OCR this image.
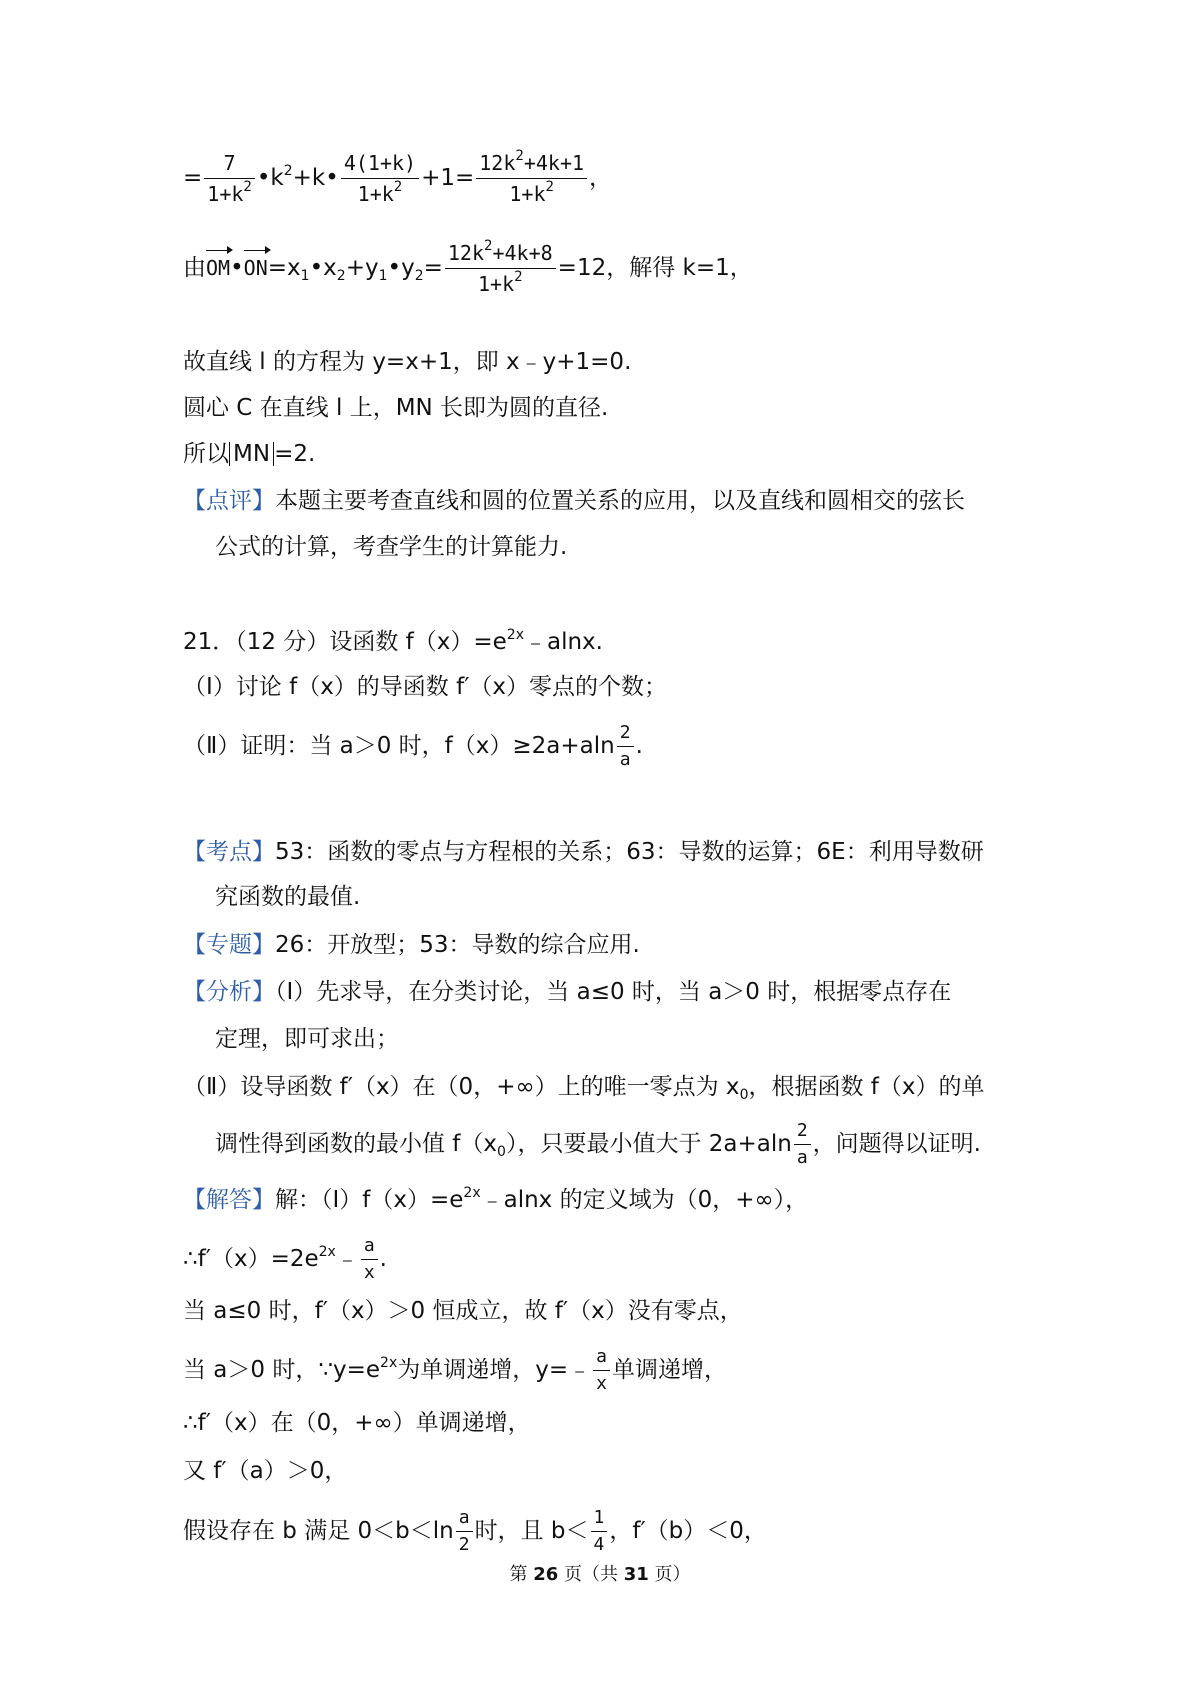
= $\frac{7}{1+k^2}$ $•k^2+k• \frac{4(1+k)}{1+k^2} +1= \frac{12k^2+4k+1}{1+k^2}$ ，
由$OM•ON=x_1•x_2+y_1•y_2= \frac{12k^2+4k+8}{1+k^2} =12$，解得 k=1，
故直线 l 的方程为 y=x+1，即 x﹣y+1=0.
圆心 C 在直线 l 上，MN 长即为圆的直径.
所以 MN =2.
【点评】本题主要考查直线和圆的位置关系的应用，以及直线和圆相交的弦长
公式的计算，考查学生的计算能力.
21．（12 分）设函数 $f(x)=e^{2x}﹣alnx$.
（Ⅰ）讨论 f（x）的导函数 f′（x）零点的个数；
（Ⅱ）证明：当 a＞0 时，$f(x)\ge 2a+aln \frac{2}{a}$ .
【考点】53：函数的零点与方程根的关系；63：导数的运算；6E：利用导数研
究函数的最值.
【专题】26：开放型；53：导数的综合应用.
【分析】（Ⅰ）先求导，在分类讨论，当 a≤0 时，当 a＞0 时，根据零点存在
定理，即可求出；
（Ⅱ）设导函数 f′（x）在（0，+∞）上的唯一零点为 $x_0$，根据函数 f（x）的单
调性得到函数的最小值 $f(x_0)$，只要最小值大于 $2a+aln \frac{2}{a}$ ，问题得以证明.
【解答】解：$(Ⅰ)f(x)=e^{2x}﹣alnx$ 的定义域为（0，+∞），
$\therefore f'(x)=2e^{2x}﹣ \frac{a}{x}$ .
当 a≤0 时，f′（x）＞0 恒成立，故 f′（x）没有零点，
当 a＞0 时，$\because y=e^{2x}$为单调递增，y=﹣ $\frac{a}{x}$ 单调递增，
∴f′（x）在（0，+∞）单调递增，
又 f′（a）＞0，
假设存在 b 满足 $0<b<\ln \frac{a}{2}$ 时，且 $b< \frac{1}{4}$ ，f′（b）＜0，
第 26 页（共 31 页）
